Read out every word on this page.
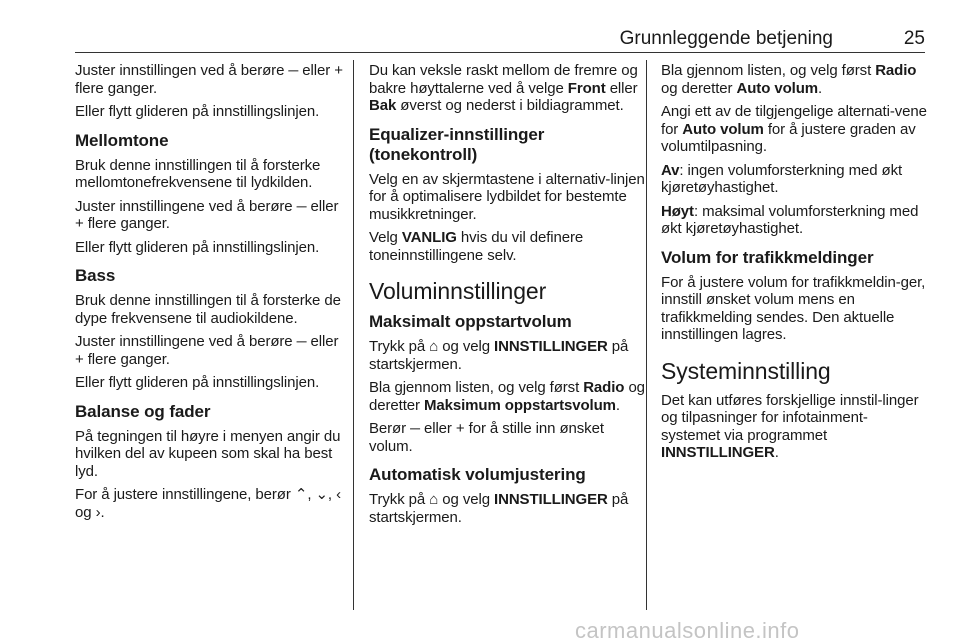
Grunnleggende betjening	25

Juster innstillingen ved å berøre ─ eller + flere ganger.

Eller flytt glideren på innstillingslinjen.

Mellomtone

Bruk denne innstillingen til å forsterke mellomtonefrekvensene til lydkilden.

Juster innstillingene ved å berøre ─ eller + flere ganger.

Eller flytt glideren på innstillingslinjen.

Bass

Bruk denne innstillingen til å forsterke de dype frekvensene til audiokildene.

Juster innstillingene ved å berøre ─ eller + flere ganger.

Eller flytt glideren på innstillingslinjen.

Balanse og fader

På tegningen til høyre i menyen angir du hvilken del av kupeen som skal ha best lyd.

For å justere innstillingene, berør ⌃, ⌄, ‹ og ›.

Du kan veksle raskt mellom de fremre og bakre høyttalerne ved å velge Front eller Bak øverst og nederst i bildiagrammet.

Equalizer-innstillinger (tonekontroll)

Velg en av skjermtastene i alternativ-linjen for å optimalisere lydbildet for bestemte musikkretninger.

Velg VANLIG hvis du vil definere toneinnstillingene selv.

Voluminnstillinger
Maksimalt oppstartvolum

Trykk på ⌂ og velg INNSTILLINGER på startskjermen.

Bla gjennom listen, og velg først Radio og deretter Maksimum oppstartsvolum.

Berør ─ eller + for å stille inn ønsket volum.

Automatisk volumjustering

Trykk på ⌂ og velg INNSTILLINGER på startskjermen.

Bla gjennom listen, og velg først Radio og deretter Auto volum.

Angi ett av de tilgjengelige alternati-vene for Auto volum for å justere graden av volumtilpasning.

Av: ingen volumforsterkning med økt kjøretøyhastighet.

Høyt: maksimal volumforsterkning med økt kjøretøyhastighet.

Volum for trafikkmeldinger

For å justere volum for trafikkmeldin-ger, innstill ønsket volum mens en trafikkmelding sendes. Den aktuelle innstillingen lagres.

Systeminnstilling

Det kan utføres forskjellige innstil-linger og tilpasninger for infotainment-systemet via programmet INNSTILLINGER.

carmanualsonline.info
